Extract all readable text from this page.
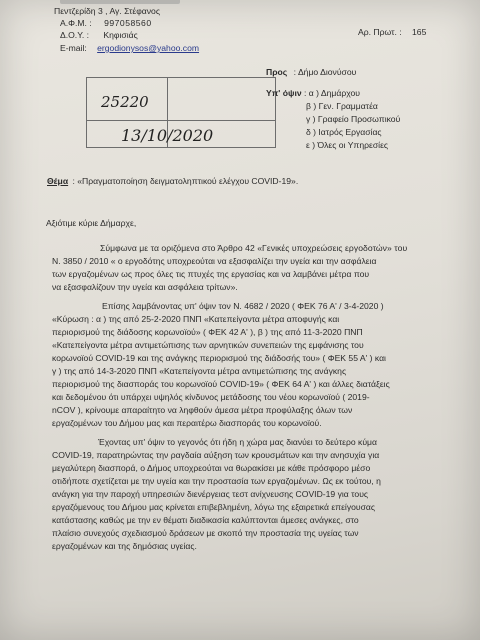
Πεντζερίδη 3 , Αγ. Στέφανος
Α.Φ.Μ. : 997058560
Δ.Ο.Υ. : Κηφισιάς
E-mail: ergodionysos@yahoo.com
Αρ. Πρωτ. : 165
25220
13/10/2020
Προς : Δήμο Διονύσου
Υπ' όψιν : α ) Δημάρχου
β ) Γεν. Γραμματέα
γ ) Γραφείο Προσωπικού
δ ) Ιατρός Εργασίας
ε ) Όλες οι Υπηρεσίες
Θέμα : «Πραγματοποίηση δειγματοληπτικού ελέγχου COVID-19».
Αξιότιμε κύριε Δήμαρχε,
Σύμφωνα με τα οριζόμενα στο Άρθρο 42 «Γενικές υποχρεώσεις εργοδοτών» του
Ν. 3850 / 2010 « ο εργοδότης υποχρεούται να εξασφαλίζει την υγεία και την ασφάλεια
των εργαζομένων ως προς όλες τις πτυχές της εργασίας και να λαμβάνει μέτρα που
να εξασφαλίζουν την υγεία και ασφάλεια τρίτων».
Επίσης λαμβάνοντας υπ' όψιν τον Ν. 4682 / 2020 ( ΦΕΚ 76 Α' / 3-4-2020 )
«Κύρωση : α ) της από 25-2-2020 ΠΝΠ «Κατεπείγοντα μέτρα αποφυγής και
περιορισμού της διάδοσης κορωνοϊού» ( ΦΕΚ 42 Α' ), β ) της από 11-3-2020 ΠΝΠ
«Κατεπείγοντα μέτρα αντιμετώπισης των αρνητικών συνεπειών της εμφάνισης του
κορωνοϊού COVID-19 και της ανάγκης περιορισμού της διάδοσής του» ( ΦΕΚ 55 Α' ) και
γ ) της από 14-3-2020 ΠΝΠ «Κατεπείγοντα μέτρα αντιμετώπισης της ανάγκης
περιορισμού της διασποράς του κορωνοϊού COVID-19» ( ΦΕΚ 64 Α' ) και άλλες διατάξεις
και δεδομένου ότι υπάρχει υψηλός κίνδυνος μετάδοσης του νέου κορωνοϊού ( 2019-
nCOV ), κρίνουμε απαραίτητο να ληφθούν άμεσα μέτρα προφύλαξης όλων των
εργαζομένων του Δήμου μας και περαιτέρω διασποράς του κορωνοϊού.
Έχοντας υπ' όψιν το γεγονός ότι ήδη η χώρα μας διανύει το δεύτερο κύμα
COVID-19, παρατηρώντας την ραγδαία αύξηση των κρουσμάτων και την ανησυχία για
μεγαλύτερη διασπορά, ο Δήμος υποχρεούται να θωρακίσει με κάθε πρόσφορο μέσο
οτιδήποτε σχετίζεται με την υγεία και την προστασία των εργαζομένων. Ως εκ τούτου, η
ανάγκη για την παροχή υπηρεσιών διενέργειας τεστ ανίχνευσης COVID-19 για τους
εργαζόμενους του Δήμου μας κρίνεται επιβεβλημένη, λόγω της εξαιρετικά επείγουσας
κατάστασης καθώς με την εν θέματι διαδικασία καλύπτονται άμεσες ανάγκες, στο
πλαίσιο συνεχούς σχεδιασμού δράσεων με σκοπό την προστασία της υγείας των
εργαζομένων και της δημόσιας υγείας.
